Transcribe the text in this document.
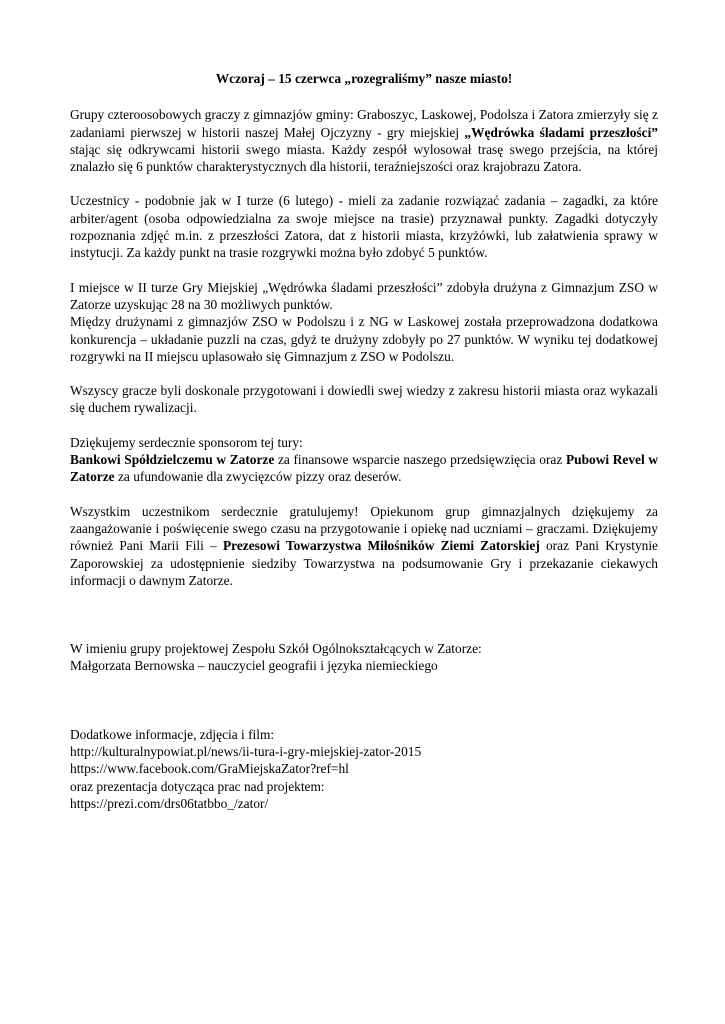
Wczoraj – 15 czerwca „rozegraliśmy” nasze miasto!

Grupy czteroosobowych graczy z gimnazjów gminy: Graboszyc, Laskowej, Podolsza i Zatora zmierzyły się z zadaniami pierwszej w historii naszej Małej Ojczyzny - gry miejskiej „Wędrówka śladami przeszłości” stając się odkrywcami historii swego miasta. Każdy zespół wylosował trasę swego przejścia, na której znalazło się 6 punktów charakterystycznych dla historii, teraźniejszości oraz krajobrazu Zatora.

Uczestnicy - podobnie jak w I turze (6 lutego) - mieli za zadanie rozwiązać zadania – zagadki, za które arbiter/agent (osoba odpowiedzialna za swoje miejsce na trasie) przyznawał punkty. Zagadki dotyczyły rozpoznania zdjęć m.in. z przeszłości Zatora, dat z historii miasta, krzyżówki, lub załatwienia sprawy w instytucji. Za każdy punkt na trasie rozgrywki można było zdobyć 5 punktów.

I miejsce w II turze Gry Miejskiej „Wędrówka śladami przeszłości” zdobyła drużyna z Gimnazjum ZSO w Zatorze uzyskując 28 na 30 możliwych punktów.
Między drużynami z gimnazjów ZSO w Podolszu i z NG w Laskowej została przeprowadzona dodatkowa konkurencja – układanie puzzli na czas, gdyż te drużyny zdobyły po 27 punktów. W wyniku tej dodatkowej rozgrywki na II miejscu uplasowało się Gimnazjum z ZSO w Podolszu.

Wszyscy gracze byli doskonale przygotowani i dowiedli swej wiedzy z zakresu historii miasta oraz wykazali się duchem rywalizacji.

Dziękujemy serdecznie sponsorom tej tury:
Bankowi Spółdzielczemu w Zatorze za finansowe wsparcie naszego przedsięwzięcia oraz Pubowi Revel w Zatorze za ufundowanie dla zwycięzców pizzy oraz deserów.

Wszystkim uczestnikom serdecznie gratulujemy! Opiekunom grup gimnazjalnych dziękujemy za zaangażowanie i poświęcenie swego czasu na przygotowanie i opiekę nad uczniami – graczami. Dziękujemy również Pani Marii Fili – Prezesowi Towarzystwa Miłośników Ziemi Zatorskiej oraz Pani Krystynie Zaporowskiej za udostępnienie siedziby Towarzystwa na podsumowanie Gry i przekazanie ciekawych informacji o dawnym Zatorze.

W imieniu grupy projektowej Zespołu Szkół Ogólnokształcących w Zatorze:
Małgorzata Bernowska – nauczyciel geografii i języka niemieckiego

Dodatkowe informacje, zdjęcia i film:
http://kulturalnypowiat.pl/news/ii-tura-i-gry-miejskiej-zator-2015
https://www.facebook.com/GraMiejskaZator?ref=hl
oraz prezentacja dotycząca prac nad projektem:
https://prezi.com/drs06tatbbo_/zator/
